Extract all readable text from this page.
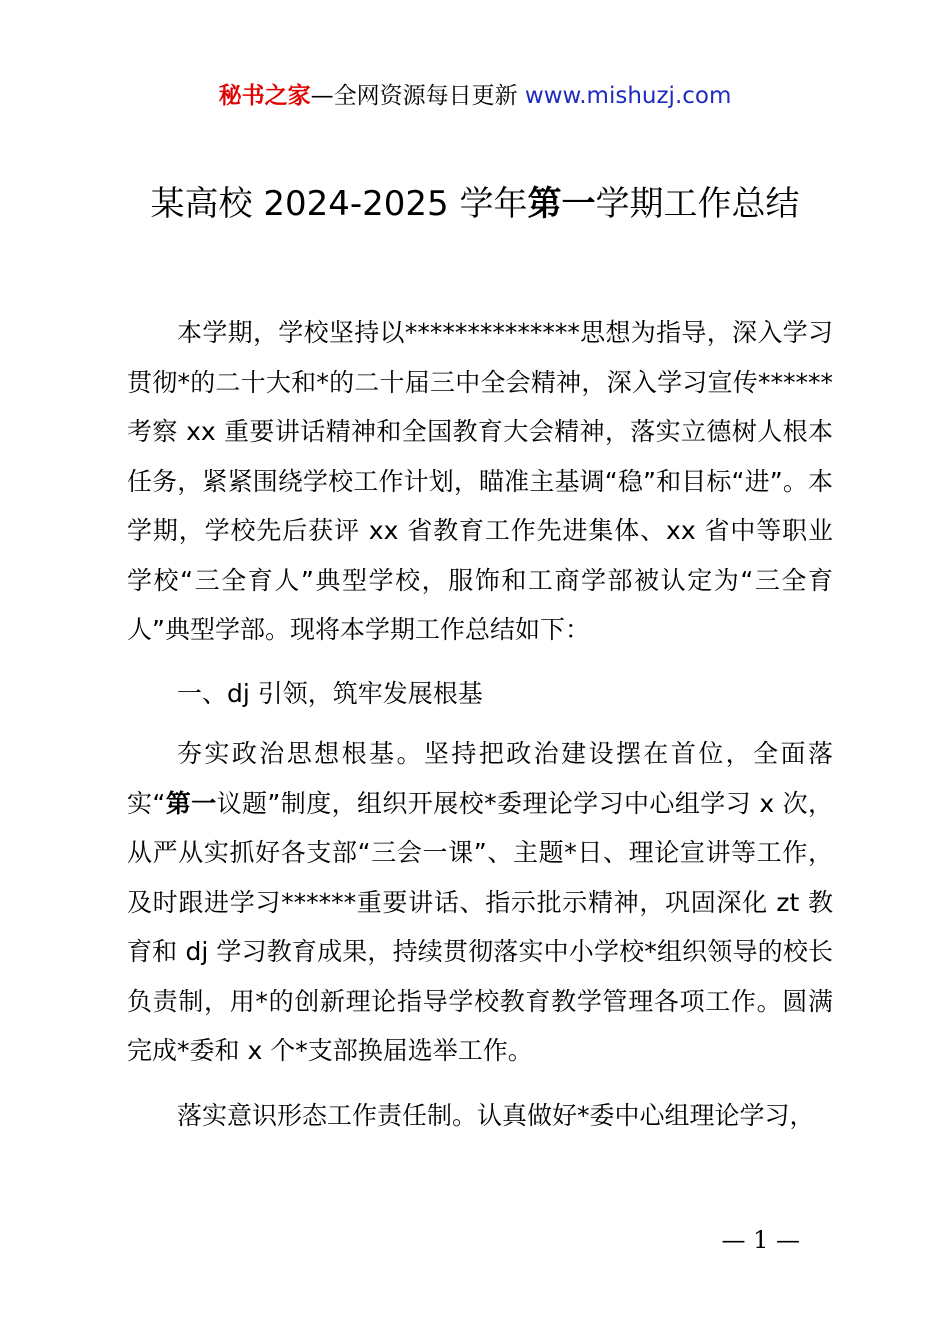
秘书之家—全网资源每日更新 www.mishuzj.com
某高校 2024-2025 学年第一学期工作总结

本学期，学校坚持以**************思想为指导，深入学习贯彻*的二十大和*的二十届三中全会精神，深入学习宣传******考察 xx 重要讲话精神和全国教育大会精神，落实立德树人根本任务，紧紧围绕学校工作计划，瞄准主基调“稳”和目标“进”。本学期，学校先后获评 xx 省教育工作先进集体、xx 省中等职业学校“三全育人”典型学校，服饰和工商学部被认定为“三全育人”典型学部。现将本学期工作总结如下：

一、dj 引领，筑牢发展根基

夯实政治思想根基。坚持把政治建设摆在首位，全面落实“第一议题”制度，组织开展校*委理论学习中心组学习 x 次，从严从实抓好各支部“三会一课”、主题*日、理论宣讲等工作，及时跟进学习******重要讲话、指示批示精神，巩固深化 zt 教育和 dj 学习教育成果，持续贯彻落实中小学校*组织领导的校长负责制，用*的创新理论指导学校教育教学管理各项工作。圆满完成*委和 x 个*支部换届选举工作。

落实意识形态工作责任制。认真做好*委中心组理论学习，

— 1 —
